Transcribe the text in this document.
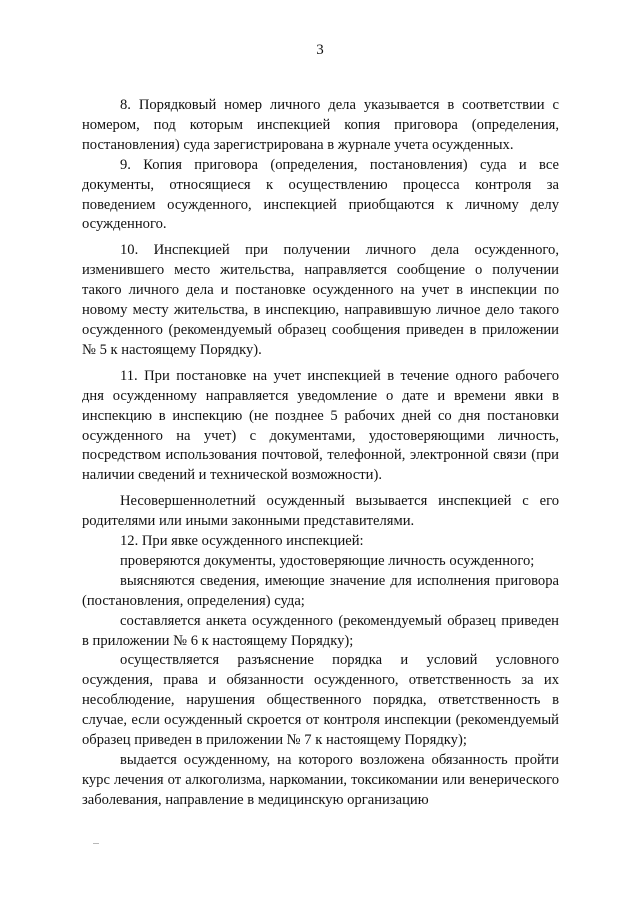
3

8. Порядковый номер личного дела указывается в соответствии с номером, под которым инспекцией копия приговора (определения, постановления) суда зарегистрирована в журнале учета осужденных.

9. Копия приговора (определения, постановления) суда и все документы, относящиеся к осуществлению процесса контроля за поведением осужденного, инспекцией приобщаются к личному делу осужденного.

10. Инспекцией при получении личного дела осужденного, изменившего место жительства, направляется сообщение о получении такого личного дела и постановке осужденного на учет в инспекции по новому месту жительства, в инспекцию, направившую личное дело такого осужденного (рекомендуемый образец сообщения приведен в приложении № 5 к настоящему Порядку).

11. При постановке на учет инспекцией в течение одного рабочего дня осужденному направляется уведомление о дате и времени явки в инспекцию в инспекцию (не позднее 5 рабочих дней со дня постановки осужденного на учет) с документами, удостоверяющими личность, посредством использования почтовой, телефонной, электронной связи (при наличии сведений и технической возможности).

Несовершеннолетний осужденный вызывается инспекцией с его родителями или иными законными представителями.

12. При явке осужденного инспекцией:

проверяются документы, удостоверяющие личность осужденного;

выясняются сведения, имеющие значение для исполнения приговора (постановления, определения) суда;

составляется анкета осужденного (рекомендуемый образец приведен в приложении № 6 к настоящему Порядку);

осуществляется разъяснение порядка и условий условного осуждения, права и обязанности осужденного, ответственность за их несоблюдение, нарушения общественного порядка, ответственность в случае, если осужденный скроется от контроля инспекции (рекомендуемый образец приведен в приложении № 7 к настоящему Порядку);

выдается осужденному, на которого возложена обязанность пройти курс лечения от алкоголизма, наркомании, токсикомании или венерического заболевания, направление в медицинскую организацию
